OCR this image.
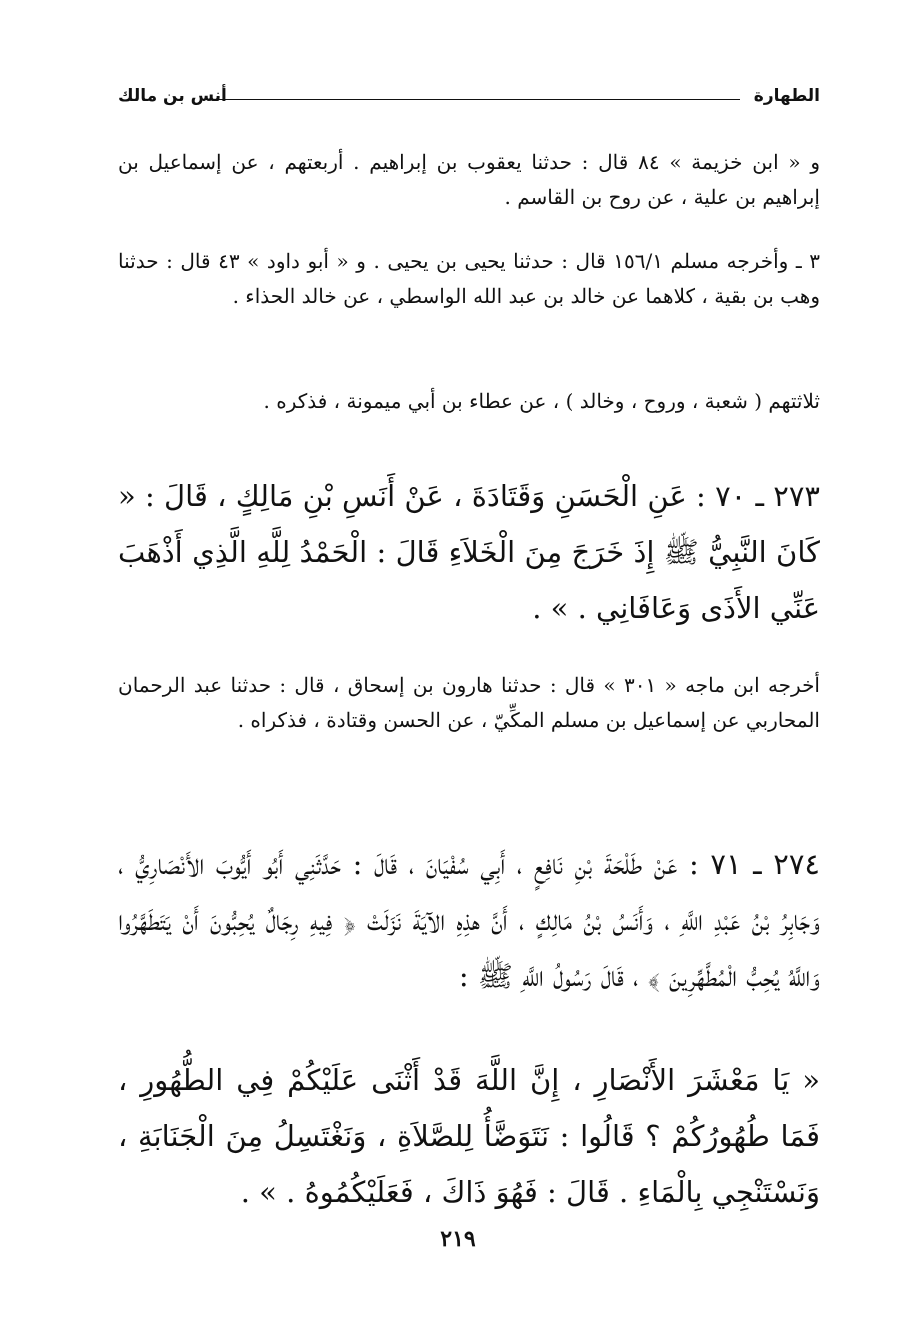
الطهارة
أنس بن مالك

و « ابن خزيمة » ٨٤ قال : حدثنا يعقوب بن إبراهيم . أربعتهم ، عن إسماعيل بن إبراهيم بن علية ، عن روح بن القاسم .

٣ ـ وأخرجه مسلم ١٥٦/١ قال : حدثنا يحيى بن يحيى . و « أبو داود » ٤٣ قال : حدثنا وهب بن بقية ، كلاهما عن خالد بن عبد الله الواسطي ، عن خالد الحذاء .

ثلاثتهم ( شعبة ، وروح ، وخالد ) ، عن عطاء بن أبي ميمونة ، فذكره .

٢٧٣ ـ ٧٠ : عَنِ الْحَسَنِ وَقَتَادَةَ ، عَنْ أَنَسِ بْنِ مَالِكٍ ، قَالَ : « كَانَ النَّبِيُّ ﷺ إِذَ خَرَجَ مِنَ الْخَلاَءِ قَالَ : الْحَمْدُ لِلَّهِ الَّذِي أَذْهَبَ عَنِّي الأَذَى وَعَافَانِي . » .

أخرجه ابن ماجه « ٣٠١ » قال : حدثنا هارون بن إسحاق ، قال : حدثنا عبد الرحمان المحاربي عن إسماعيل بن مسلم المكِّيّ ، عن الحسن وقتادة ، فذكراه .

٢٧٤ ـ ٧١ : عَنْ طَلْحَةَ بْنِ نَافِعٍ ، أَبِي سُفْيَانَ ، قَالَ : حَدَّثَنِي أَبُو أَيُّوبَ الأَنْصَارِيُّ ، وَجَابِرُ بْنُ عَبْدِ اللَّهِ ، وَأَنَسُ بْنُ مَالِكٍ ، أَنَّ هذِهِ الآيَةَ نَزَلَتْ ﴿ فِيهِ رِجَالٌ يُحِبُّونَ أَنْ يَتَطَهَّرُوا وَاللَّهُ يُحِبُّ الْمُطَّهِّرِينَ ﴾ ، قَالَ رَسُولُ اللَّهِ ﷺ :

« يَا مَعْشَرَ الأَنْصَارِ ، إِنَّ اللَّهَ قَدْ أَثْنَى عَلَيْكُمْ فِي الطُّهُورِ ، فَمَا طُهُورُكُمْ ؟ قَالُوا : نَتَوَضَّأُ لِلصَّلاَةِ ، وَنَغْتَسِلُ مِنَ الْجَنَابَةِ ، وَنَسْتَنْجِي بِالْمَاءِ . قَالَ : فَهُوَ ذَاكَ ، فَعَلَيْكُمُوهُ . » .

٢١٩
